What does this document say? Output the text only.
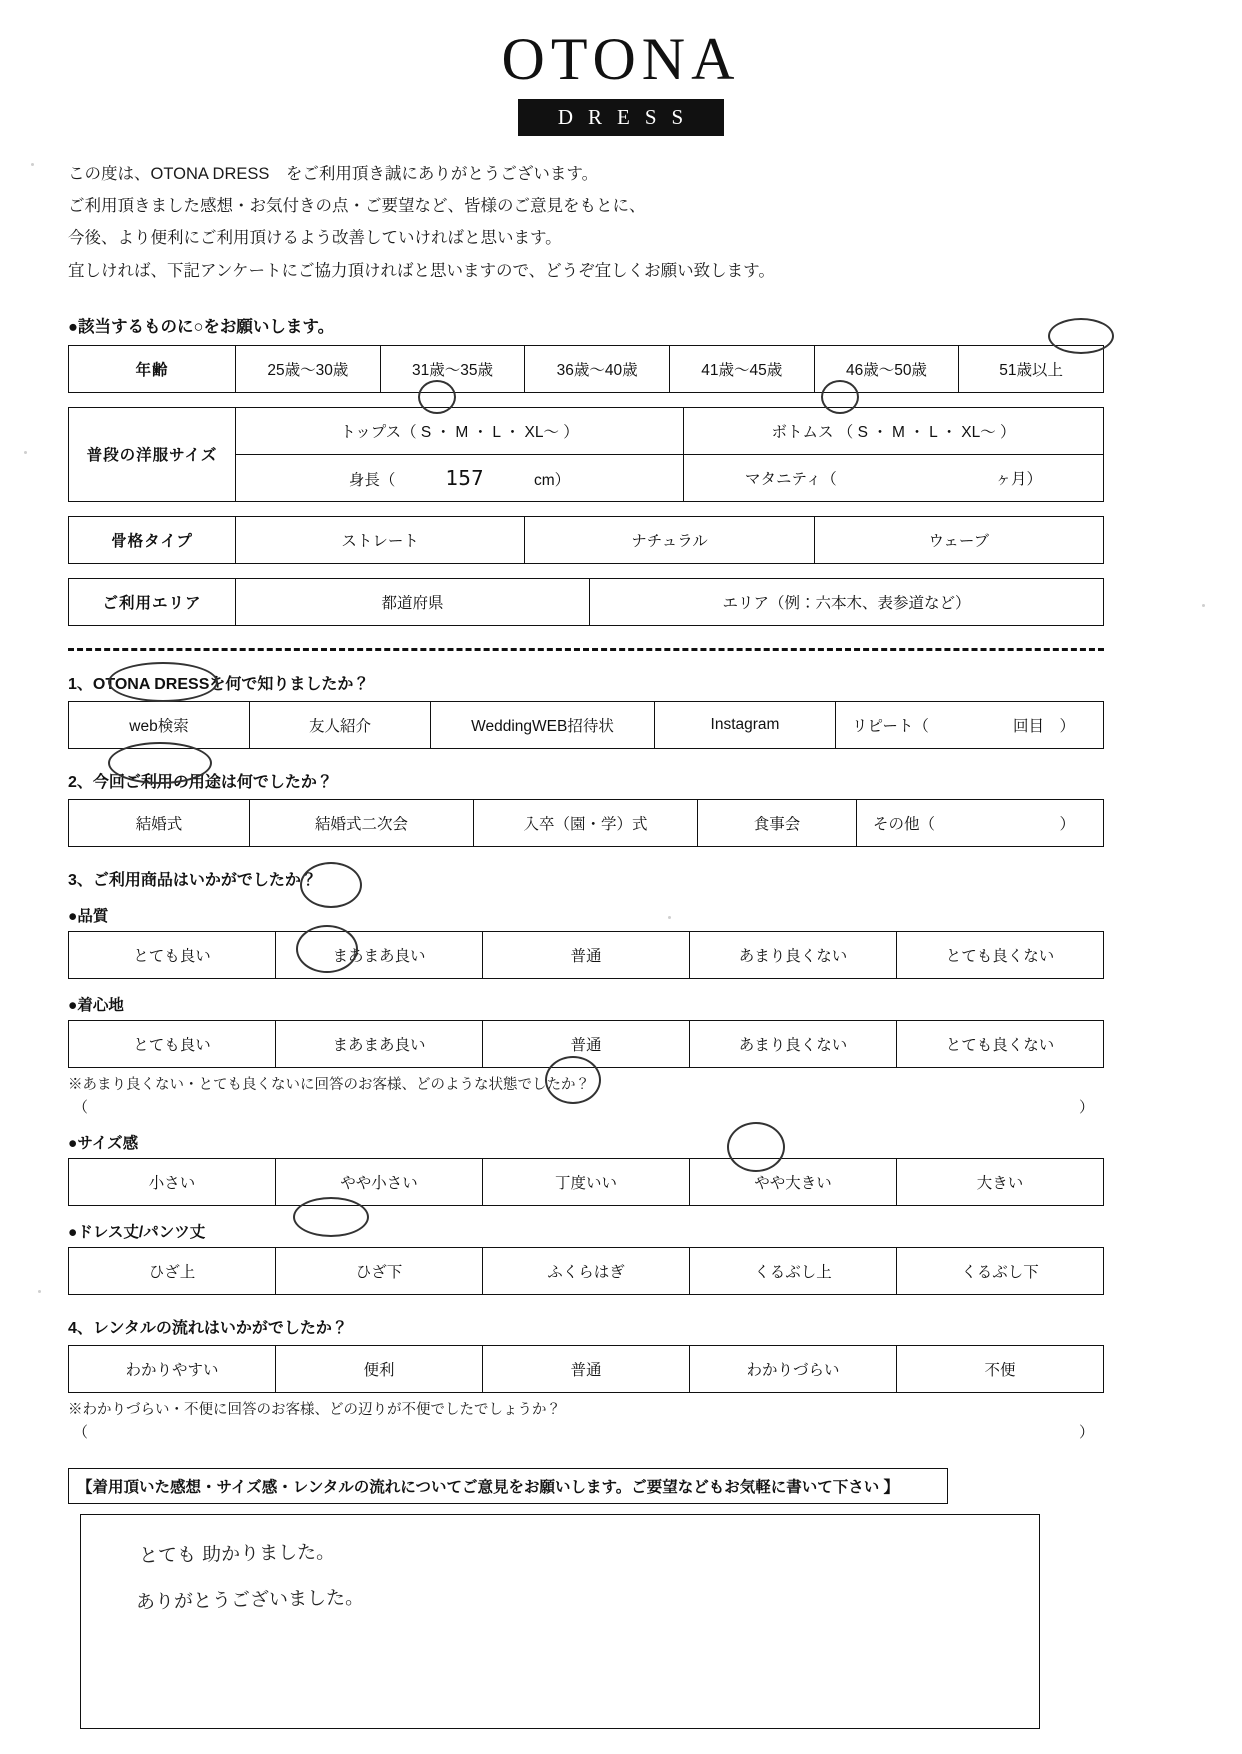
OTONA
DRESS
この度は、OTONA DRESS　をご利用頂き誠にありがとうございます。
ご利用頂きました感想・お気付きの点・ご要望など、皆様のご意見をもとに、
今後、より便利にご利用頂けるよう改善していければと思います。
宜しければ、下記アンケートにご協力頂ければと思いますので、どうぞ宜しくお願い致します。
●該当するものに○をお願いします。
年齢	25歳～30歳	31歳～35歳	36歳～40歳	41歳～45歳	46歳～50歳	51歳以上
普段の洋服サイズ	トップス（ S ・ M ・ L ・ XL～ ）	ボトムス （ S ・ M ・ L ・ XL～ ）
	身長（ 157 cm）	マタニティ（ ヶ月）
骨格タイプ	ストレート	ナチュラル	ウェーブ
ご利用エリア	都道府県	エリア（例：六本木、表参道など）
1、OTONA DRESSを何で知りましたか？
web検索	友人紹介	WeddingWEB招待状	Instagram	リピート（	回目　）
2、今回ご利用の用途は何でしたか？
結婚式	結婚式二次会	入卒（園・学）式	食事会	その他（	）
3、ご利用商品はいかがでしたか？
●品質
とても良い	まあまあ良い	普通	あまり良くない	とても良くない
●着心地
とても良い	まあまあ良い	普通	あまり良くない	とても良くない
※あまり良くない・とても良くないに回答のお客様、どのような状態でしたか？
（	）
●サイズ感
小さい	やや小さい	丁度いい	やや大きい	大きい
●ドレス丈/パンツ丈
ひざ上	ひざ下	ふくらはぎ	くるぶし上	くるぶし下
4、レンタルの流れはいかがでしたか？
わかりやすい	便利	普通	わかりづらい	不便
※わかりづらい・不便に回答のお客様、どの辺りが不便でしたでしょうか？
（	）
【着用頂いた感想・サイズ感・レンタルの流れについてご意見をお願いします。ご要望などもお気軽に書いて下さい 】
とても 助かりました。
ありがとうございました。
